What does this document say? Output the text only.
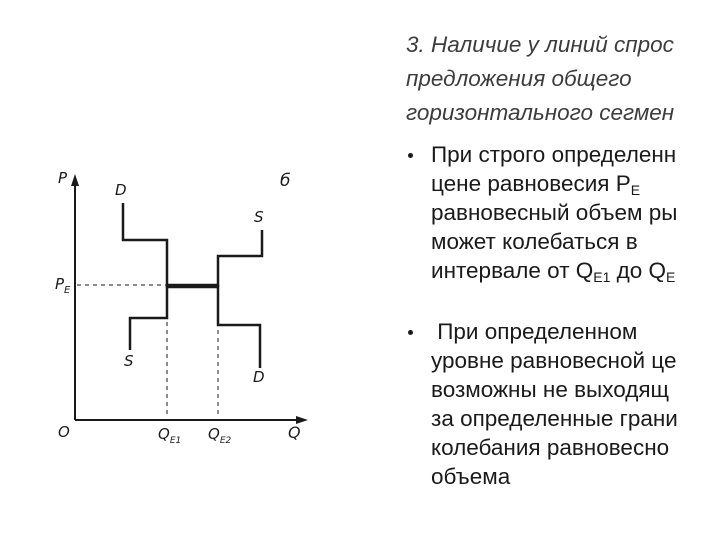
P
Q
O
б
$P_E$
$Q_{E1}$ $Q_{E2}$
D
D
S
S
3. Наличие у линий спрос
предложения общего
горизонтального сегмен
При строго определенн
цене равновесия $P_E$
равновесный объем ры
может колебаться в
интервале от $Q_{E1}$ до $Q_E$
При определенном
уровне равновесной це
возможны не выходящ
за определенные грани
колебания равновесно
объема
